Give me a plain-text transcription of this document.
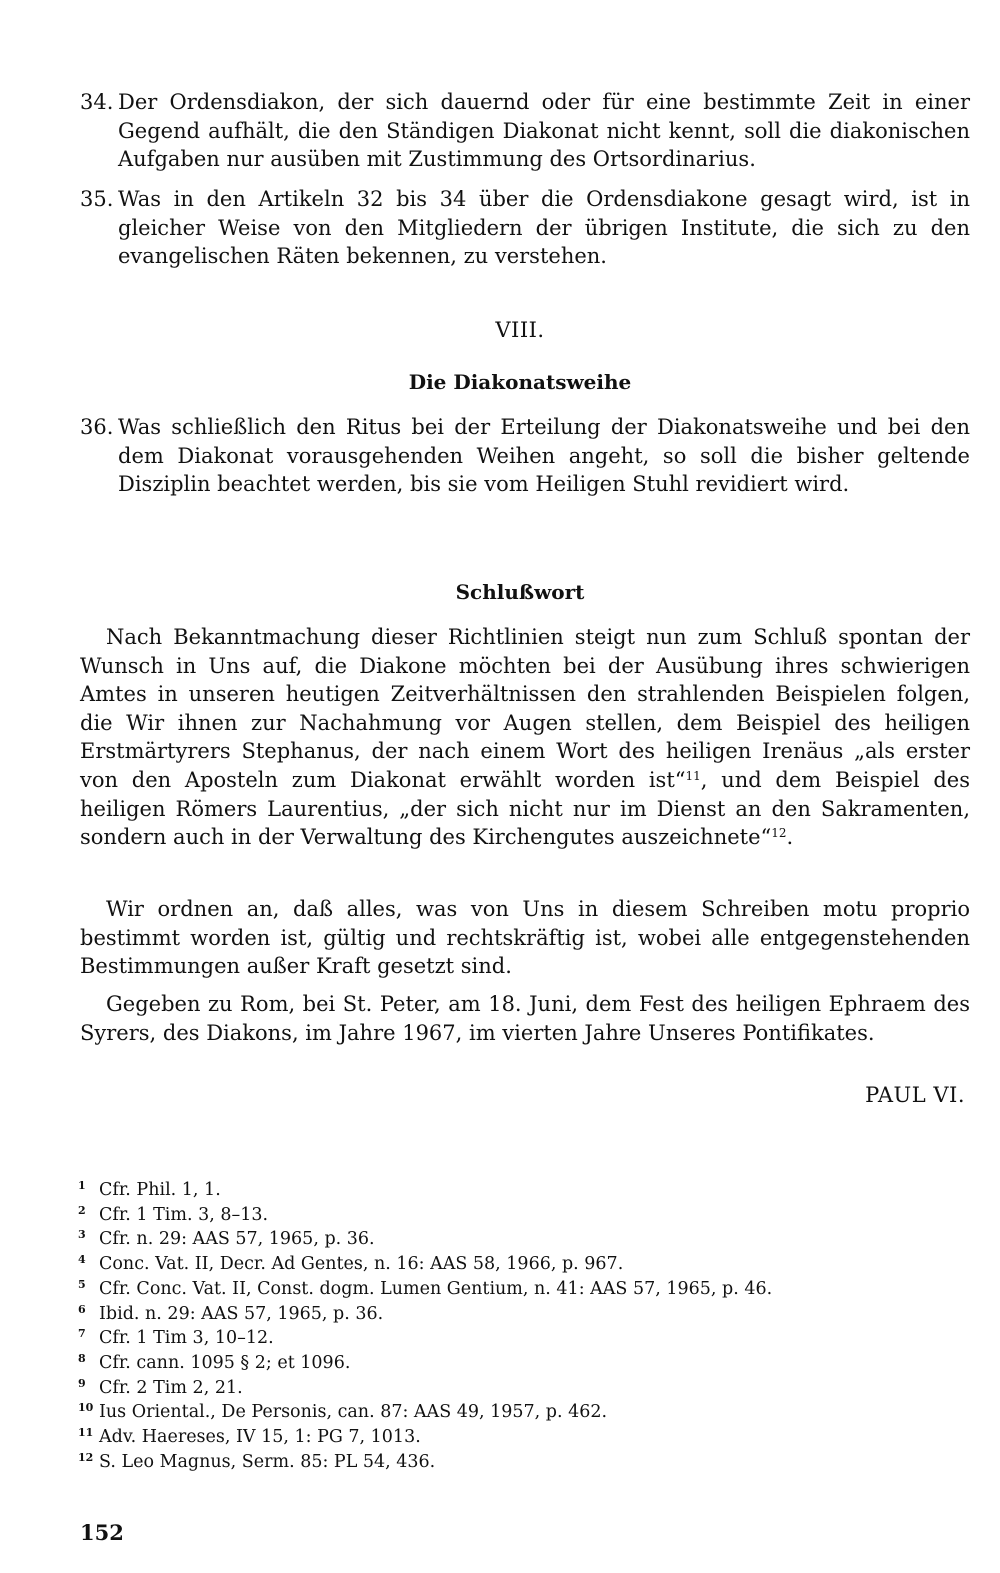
34. Der Ordensdiakon, der sich dauernd oder für eine bestimmte Zeit in einer Gegend aufhält, die den Ständigen Diakonat nicht kennt, soll die diakonischen Aufgaben nur ausüben mit Zustimmung des Ortsordinarius.
35. Was in den Artikeln 32 bis 34 über die Ordensdiakone gesagt wird, ist in gleicher Weise von den Mitgliedern der übrigen Institute, die sich zu den evangelischen Räten bekennen, zu verstehen.
VIII.
Die Diakonatsweihe
36. Was schließlich den Ritus bei der Erteilung der Diakonatsweihe und bei den dem Diakonat vorausgehenden Weihen angeht, so soll die bisher geltende Disziplin beachtet werden, bis sie vom Heiligen Stuhl revidiert wird.
Schlußwort
Nach Bekanntmachung dieser Richtlinien steigt nun zum Schluß spontan der Wunsch in Uns auf, die Diakone möchten bei der Ausübung ihres schwierigen Amtes in unseren heutigen Zeitverhältnissen den strahlenden Beispielen folgen, die Wir ihnen zur Nachahmung vor Augen stellen, dem Beispiel des heiligen Erstmärtyrers Stephanus, der nach einem Wort des heiligen Irenäus „als erster von den Aposteln zum Diakonat erwählt worden ist“$^{11}$, und dem Beispiel des heiligen Römers Laurentius, „der sich nicht nur im Dienst an den Sakramenten, sondern auch in der Verwaltung des Kirchengutes auszeichnete“$^{12}$.
Wir ordnen an, daß alles, was von Uns in diesem Schreiben motu proprio bestimmt worden ist, gültig und rechtskräftig ist, wobei alle entgegenstehenden Bestimmungen außer Kraft gesetzt sind.
Gegeben zu Rom, bei St. Peter, am 18. Juni, dem Fest des heiligen Ephraem des Syrers, des Diakons, im Jahre 1967, im vierten Jahre Unseres Pontifikates.
PAUL VI.
1 Cfr. Phil. 1, 1.
2 Cfr. 1 Tim. 3, 8–13.
3 Cfr. n. 29: AAS 57, 1965, p. 36.
4 Conc. Vat. II, Decr. Ad Gentes, n. 16: AAS 58, 1966, p. 967.
5 Cfr. Conc. Vat. II, Const. dogm. Lumen Gentium, n. 41: AAS 57, 1965, p. 46.
6 Ibid. n. 29: AAS 57, 1965, p. 36.
7 Cfr. 1 Tim 3, 10–12.
8 Cfr. cann. 1095 § 2; et 1096.
9 Cfr. 2 Tim 2, 21.
10 Ius Oriental., De Personis, can. 87: AAS 49, 1957, p. 462.
11 Adv. Haereses, IV 15, 1: PG 7, 1013.
12 S. Leo Magnus, Serm. 85: PL 54, 436.
152
